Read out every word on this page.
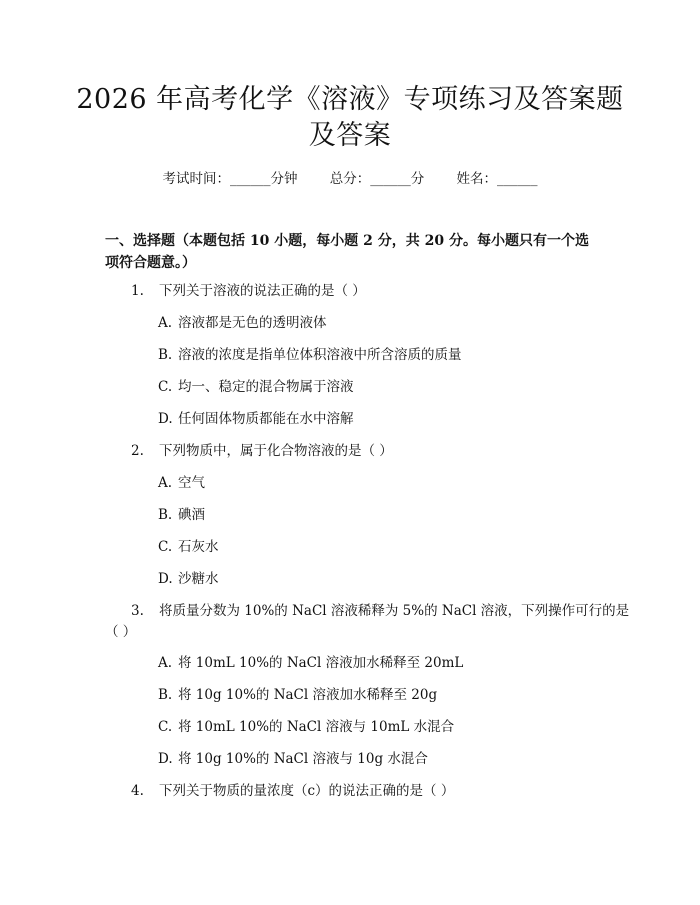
2026 年高考化学《溶液》专项练习及答案题
及答案
考试时间：______分钟 总分：______分 姓名：______
一、选择题（本题包括 10 小题，每小题 2 分，共 20 分。每小题只有一个选项符合题意。）
1. 下列关于溶液的说法正确的是（ ）
A. 溶液都是无色的透明液体
B. 溶液的浓度是指单位体积溶液中所含溶质的质量
C. 均一、稳定的混合物属于溶液
D. 任何固体物质都能在水中溶解
2. 下列物质中，属于化合物溶液的是（ ）
A. 空气
B. 碘酒
C. 石灰水
D. 沙糖水
3. 将质量分数为 10%的 NaCl 溶液稀释为 5%的 NaCl 溶液，下列操作可行的是
（ ）
A. 将 10mL 10%的 NaCl 溶液加水稀释至 20mL
B. 将 10g 10%的 NaCl 溶液加水稀释至 20g
C. 将 10mL 10%的 NaCl 溶液与 10mL 水混合
D. 将 10g 10%的 NaCl 溶液与 10g 水混合
4. 下列关于物质的量浓度（c）的说法正确的是（ ）
